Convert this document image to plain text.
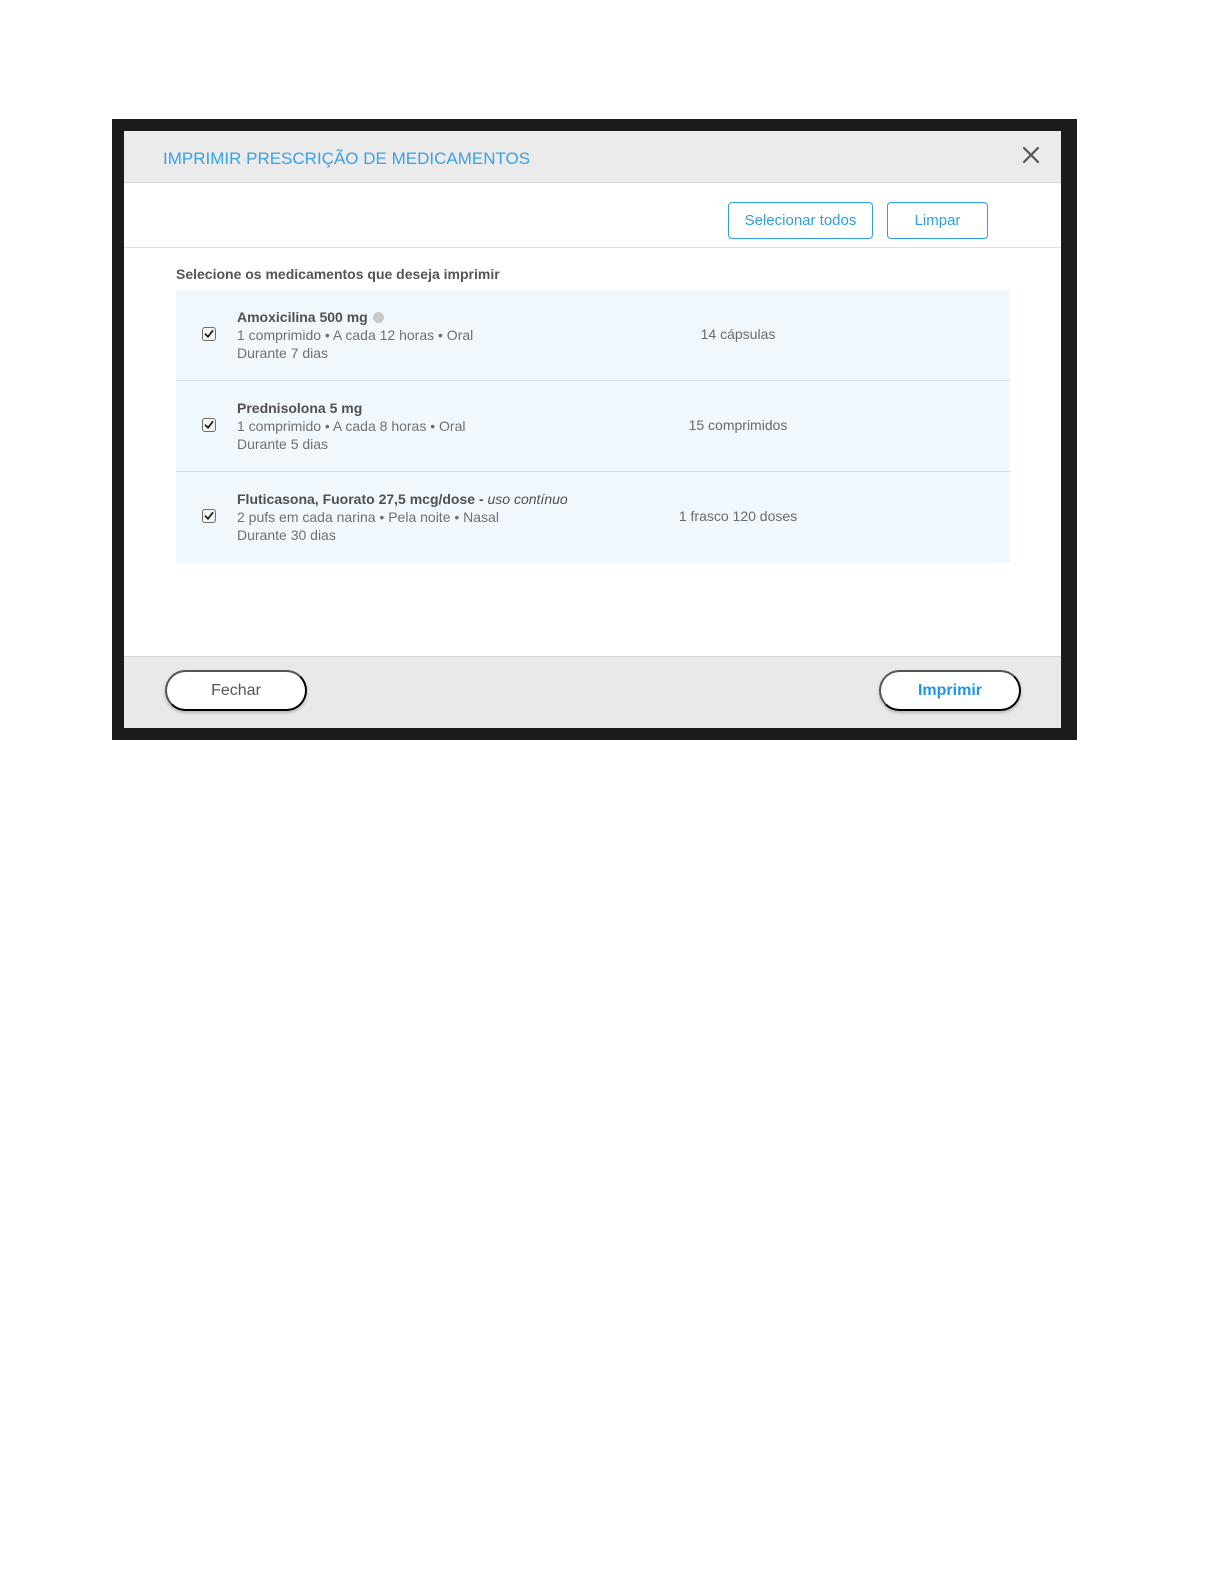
IMPRIMIR PRESCRIÇÃO DE MEDICAMENTOS
Selecionar todos	Limpar
Selecione os medicamentos que deseja imprimir
Amoxicilina 500 mg
1 comprimido • A cada 12 horas • Oral
Durante 7 dias
14 cápsulas
Prednisolona 5 mg
1 comprimido • A cada 8 horas • Oral
Durante 5 dias
15 comprimidos
Fluticasona, Fuorato 27,5 mcg/dose - uso contínuo
2 pufs em cada narina • Pela noite • Nasal
Durante 30 dias
1 frasco 120 doses
Fechar	Imprimir
